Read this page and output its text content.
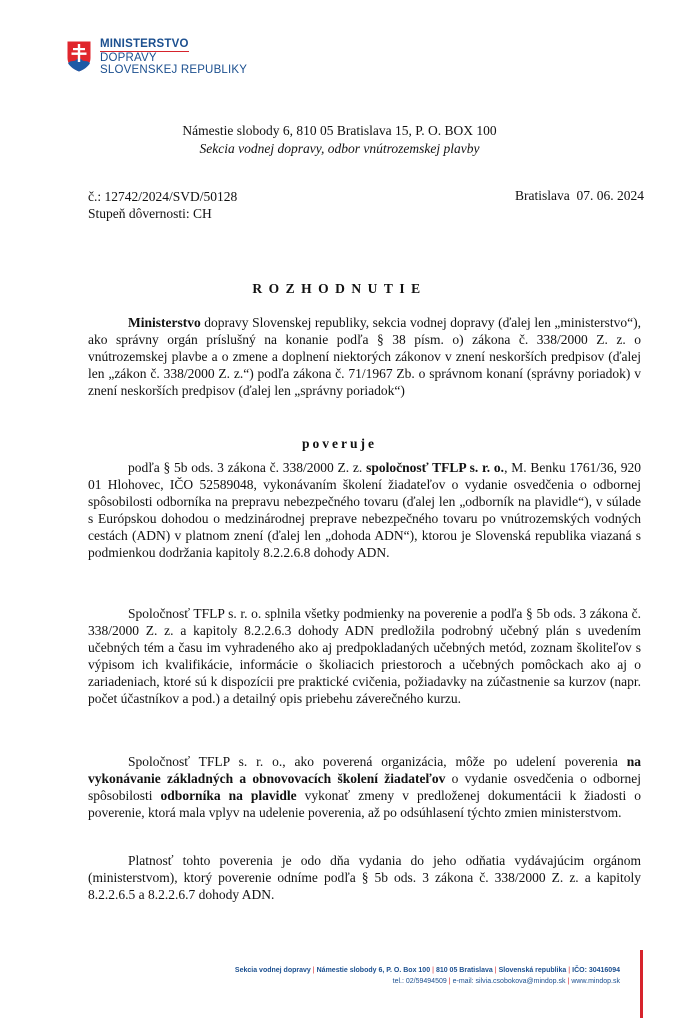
MINISTERSTVO
DOPRAVY
SLOVENSKEJ REPUBLIKY
Námestie slobody 6, 810 05 Bratislava 15, P. O. BOX 100
Sekcia vodnej dopravy, odbor vnútrozemskej plavby
č.: 12742/2024/SVD/50128
Stupeň dôvernosti: CH
Bratislava  07. 06. 2024
ROZHODNUTIE
Ministerstvo dopravy Slovenskej republiky, sekcia vodnej dopravy (ďalej len „ministerstvo“), ako správny orgán príslušný na konanie podľa § 38 písm. o) zákona č. 338/2000 Z. z. o vnútrozemskej plavbe a o zmene a doplnení niektorých zákonov v znení neskorších predpisov (ďalej len „zákon č. 338/2000 Z. z.“) podľa zákona č. 71/1967 Zb. o správnom konaní (správny poriadok) v znení neskorších predpisov (ďalej len „správny poriadok“)
poveruje
podľa § 5b ods. 3 zákona č. 338/2000 Z. z. spoločnosť TFLP s. r. o., M. Benku 1761/36, 920 01 Hlohovec, IČO 52589048, vykonávaním školení žiadateľov o vydanie osvedčenia o odbornej spôsobilosti odborníka na prepravu nebezpečného tovaru (ďalej len „odborník na plavidle“), v súlade s Európskou dohodou o medzinárodnej preprave nebezpečného tovaru po vnútrozemských vodných cestách (ADN) v platnom znení (ďalej len „dohoda ADN“), ktorou je Slovenská republika viazaná s podmienkou dodržania kapitoly 8.2.2.6.8 dohody ADN.
Spoločnosť TFLP s. r. o. splnila všetky podmienky na poverenie a podľa § 5b ods. 3 zákona č. 338/2000 Z. z. a kapitoly 8.2.2.6.3 dohody ADN predložila podrobný učebný plán s uvedením učebných tém a času im vyhradeného ako aj predpokladaných učebných metód, zoznam školiteľov s výpisom ich kvalifikácie, informácie o školiacich priestoroch a učebných pomôckach ako aj o zariadeniach, ktoré sú k dispozícii pre praktické cvičenia, požiadavky na zúčastnenie sa kurzov (napr. počet účastníkov a pod.) a detailný opis priebehu záverečného kurzu.
Spoločnosť TFLP s. r. o., ako poverená organizácia, môže po udelení poverenia na vykonávanie základných a obnovovacích školení žiadateľov o vydanie osvedčenia o odbornej spôsobilosti odborníka na plavidle vykonať zmeny v predloženej dokumentácii k žiadosti o poverenie, ktorá mala vplyv na udelenie poverenia, až po odsúhlasení týchto zmien ministerstvom.
Platnosť tohto poverenia je odo dňa vydania do jeho odňatia vydávajúcim orgánom (ministerstvom), ktorý poverenie odníme podľa § 5b ods. 3 zákona č. 338/2000 Z. z. a kapitoly 8.2.2.6.5 a 8.2.2.6.7 dohody ADN.
Sekcia vodnej dopravy | Námestie slobody 6, P. O. Box 100 | 810 05 Bratislava | Slovenská republika | IČO: 30416094
tel.: 02/59494509 | e-mail: silvia.csobokova@mindop.sk | www.mindop.sk
